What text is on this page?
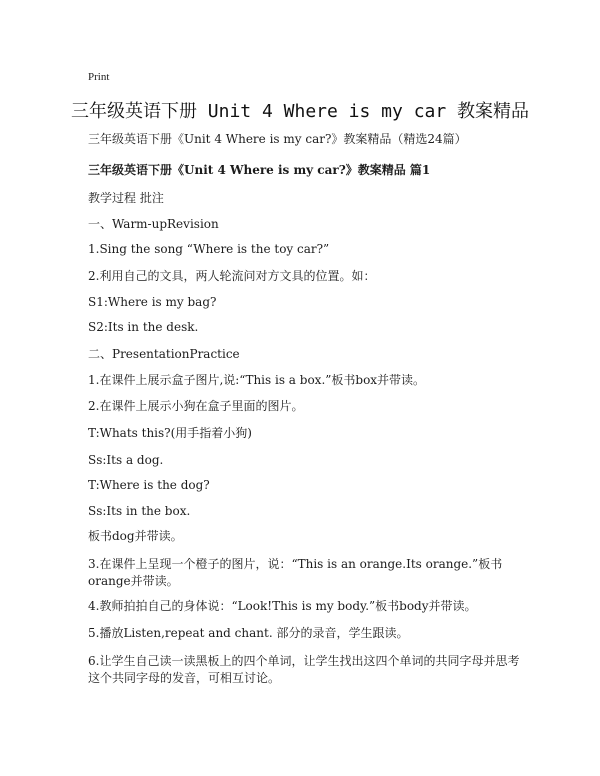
Print
三年级英语下册 Unit 4 Where is my car 教案精品
三年级英语下册《Unit 4 Where is my car?》教案精品（精选24篇）
三年级英语下册《Unit 4 Where is my car?》教案精品 篇1
教学过程 批注
一、Warm-upRevision
1.Sing the song “Where is the toy car?”
2.利用自己的文具，两人轮流问对方文具的位置。如：
S1:Where is my bag?
S2:Its in the desk.
二、PresentationPractice
1.在课件上展示盒子图片,说:“This is a box.”板书box并带读。
2.在课件上展示小狗在盒子里面的图片。
T:Whats this?(用手指着小狗)
Ss:Its a dog.
T:Where is the dog?
Ss:Its in the box.
板书dog并带读。
3.在课件上呈现一个橙子的图片，说：“This is an orange.Its orange.”板书orange并带读。
4.教师拍拍自己的身体说：“Look!This is my body.”板书body并带读。
5.播放Listen,repeat and chant. 部分的录音，学生跟读。
6.让学生自己读一读黑板上的四个单词，让学生找出这四个单词的共同字母并思考这个共同字母的发音，可相互讨论。
